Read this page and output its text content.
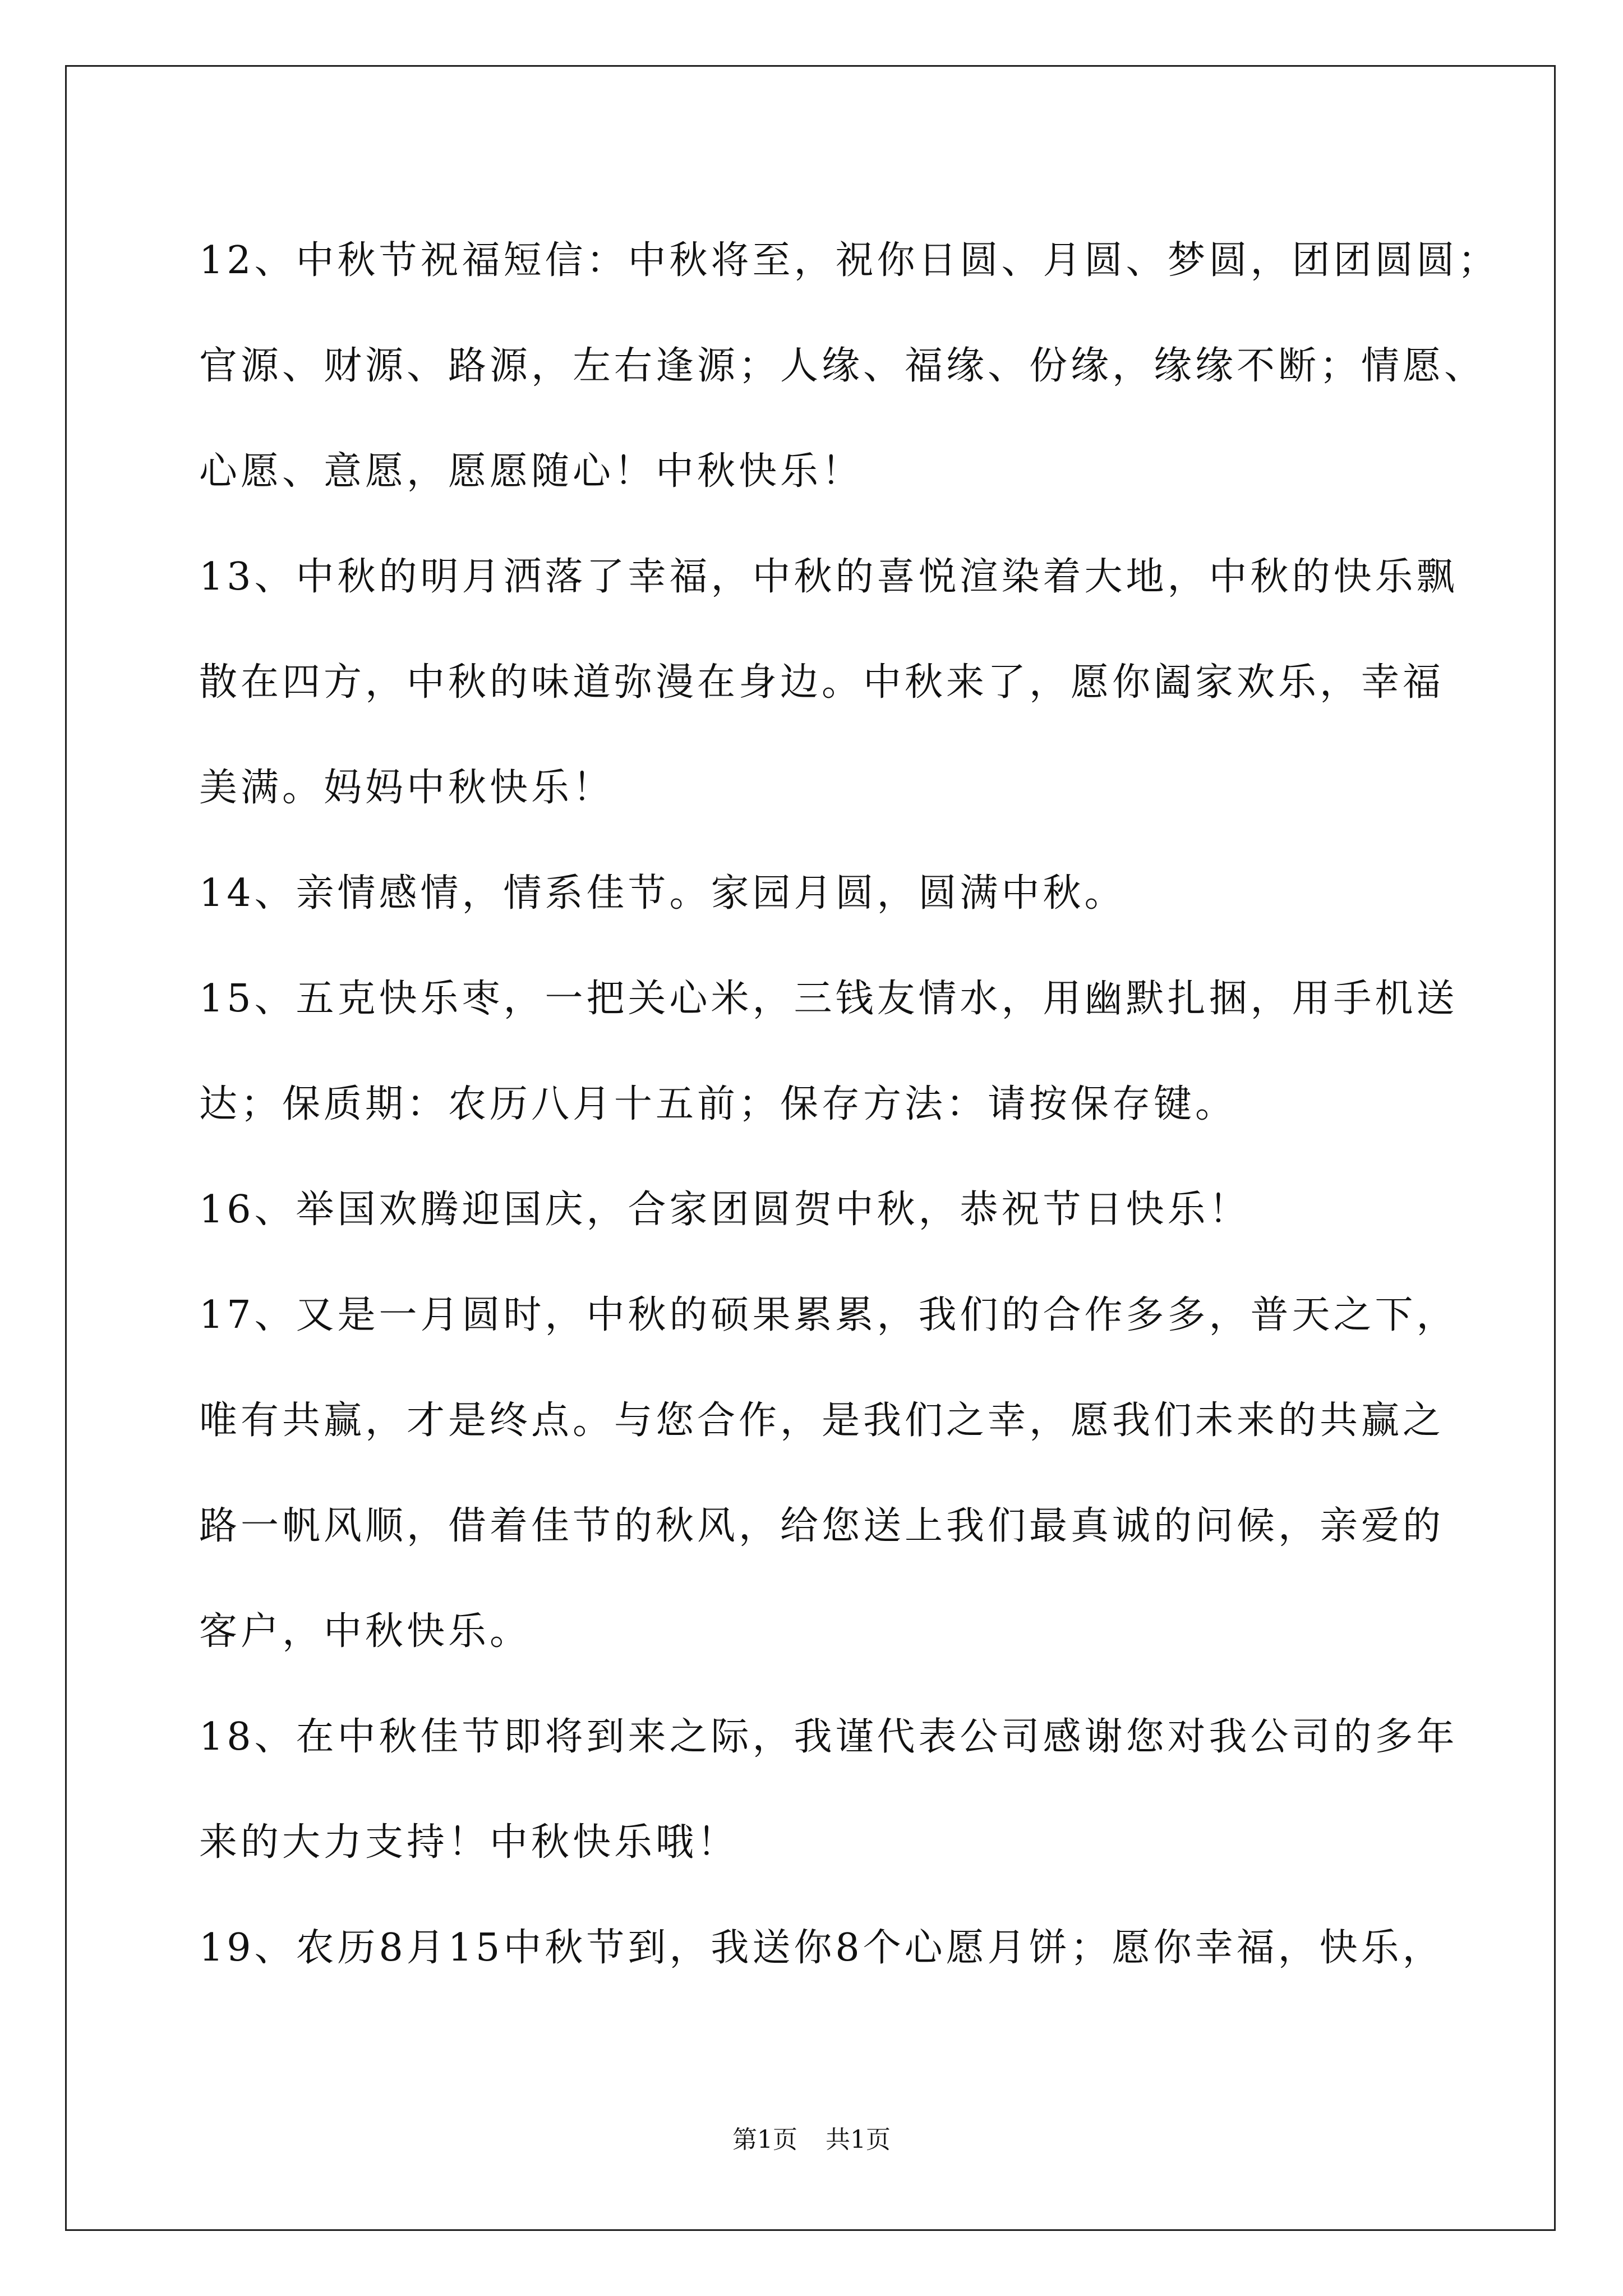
12、中秋节祝福短信：中秋将至，祝你日圆、月圆、梦圆，团团圆圆；
官源、财源、路源，左右逢源；人缘、福缘、份缘，缘缘不断；情愿、
心愿、意愿，愿愿随心！中秋快乐！
13、中秋的明月洒落了幸福，中秋的喜悦渲染着大地，中秋的快乐飘
散在四方，中秋的味道弥漫在身边。中秋来了，愿你阖家欢乐，幸福
美满。妈妈中秋快乐！
14、亲情感情，情系佳节。家园月圆，圆满中秋。
15、五克快乐枣，一把关心米，三钱友情水，用幽默扎捆，用手机送
达；保质期：农历八月十五前；保存方法：请按保存键。
16、举国欢腾迎国庆，合家团圆贺中秋，恭祝节日快乐！
17、又是一月圆时，中秋的硕果累累，我们的合作多多，普天之下，
唯有共赢，才是终点。与您合作，是我们之幸，愿我们未来的共赢之
路一帆风顺，借着佳节的秋风，给您送上我们最真诚的问候，亲爱的
客户，中秋快乐。
18、在中秋佳节即将到来之际，我谨代表公司感谢您对我公司的多年
来的大力支持！中秋快乐哦！
19、农历8月15中秋节到，我送你8个心愿月饼；愿你幸福，快乐，
第1页 共1页
